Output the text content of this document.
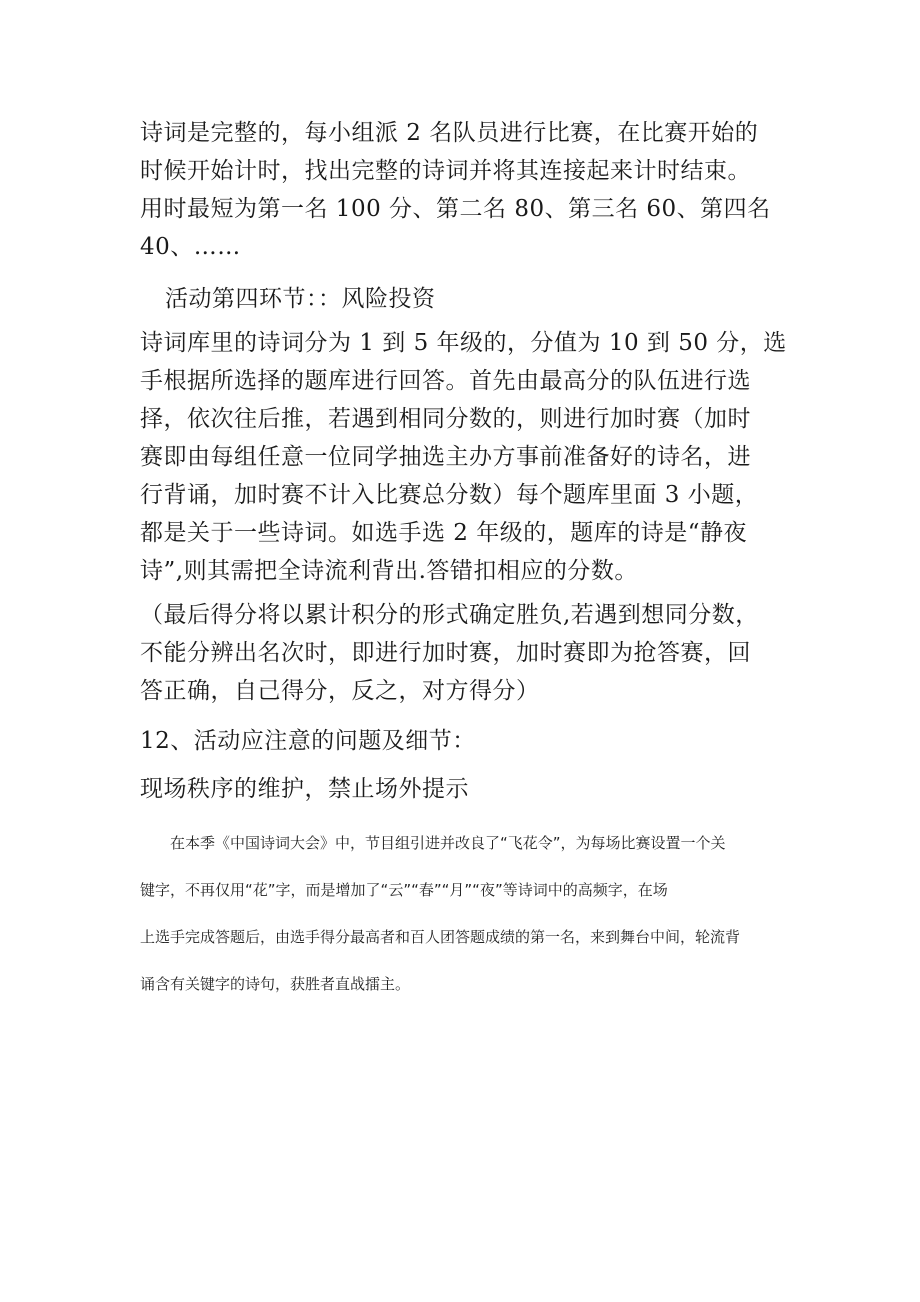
诗词是完整的，每小组派 2 名队员进行比赛，在比赛开始的
时候开始计时，找出完整的诗词并将其连接起来计时结束。
用时最短为第一名 100 分、第二名 80、第三名 60、第四名
40、……
活动第四环节：：风险投资
诗词库里的诗词分为 1 到 5 年级的，分值为 10 到 50 分，选
手根据所选择的题库进行回答。首先由最高分的队伍进行选
择，依次往后推，若遇到相同分数的，则进行加时赛（加时
赛即由每组任意一位同学抽选主办方事前准备好的诗名，进
行背诵，加时赛不计入比赛总分数）每个题库里面 3 小题，
都是关于一些诗词。如选手选 2 年级的，题库的诗是“静夜
诗”,则其需把全诗流利背出.答错扣相应的分数。
（最后得分将以累计积分的形式确定胜负,若遇到想同分数，
不能分辨出名次时，即进行加时赛，加时赛即为抢答赛，回
答正确，自己得分，反之，对方得分）
12、活动应注意的问题及细节：
现场秩序的维护，禁止场外提示
在本季《中国诗词大会》中，节目组引进并改良了“飞花令”，为每场比赛设置一个关
键字，不再仅用“花”字，而是增加了“云”“春”“月”“夜”等诗词中的高频字，在场
上选手完成答题后，由选手得分最高者和百人团答题成绩的第一名，来到舞台中间，轮流背
诵含有关键字的诗句，获胜者直战擂主。
